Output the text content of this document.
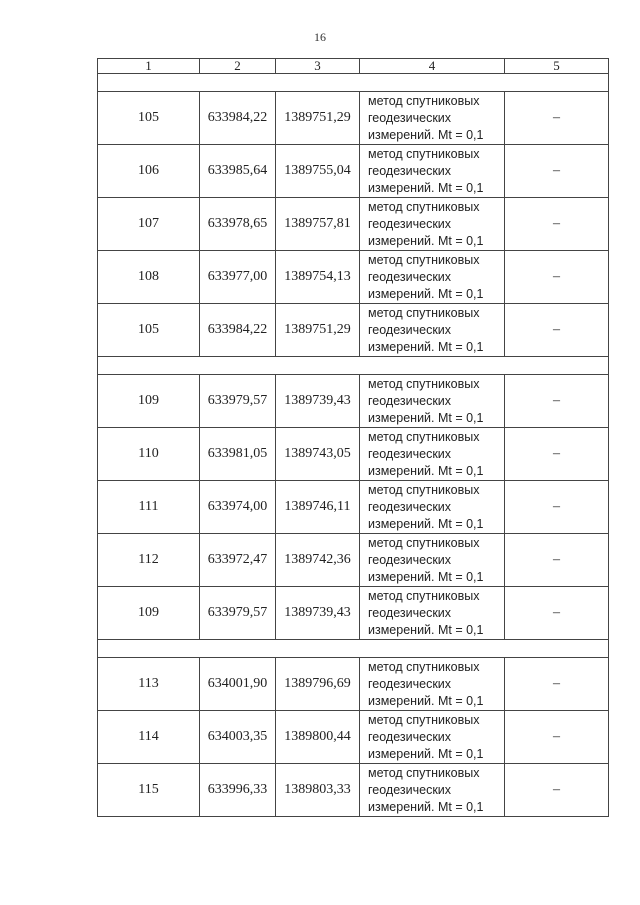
16
1	2	3	4	5

105	633984,22	1389751,29	метод спутниковых
геодезических
измерений. Mt = 0,1	–
106	633985,64	1389755,04	метод спутниковых
геодезических
измерений. Mt = 0,1	–
107	633978,65	1389757,81	метод спутниковых
геодезических
измерений. Mt = 0,1	–
108	633977,00	1389754,13	метод спутниковых
геодезических
измерений. Mt = 0,1	–
105	633984,22	1389751,29	метод спутниковых
геодезических
измерений. Mt = 0,1	–

109	633979,57	1389739,43	метод спутниковых
геодезических
измерений. Mt = 0,1	–
110	633981,05	1389743,05	метод спутниковых
геодезических
измерений. Mt = 0,1	–
111	633974,00	1389746,11	метод спутниковых
геодезических
измерений. Mt = 0,1	–
112	633972,47	1389742,36	метод спутниковых
геодезических
измерений. Mt = 0,1	–
109	633979,57	1389739,43	метод спутниковых
геодезических
измерений. Mt = 0,1	–

113	634001,90	1389796,69	метод спутниковых
геодезических
измерений. Mt = 0,1	–
114	634003,35	1389800,44	метод спутниковых
геодезических
измерений. Mt = 0,1	–
115	633996,33	1389803,33	метод спутниковых
геодезических
измерений. Mt = 0,1	–
